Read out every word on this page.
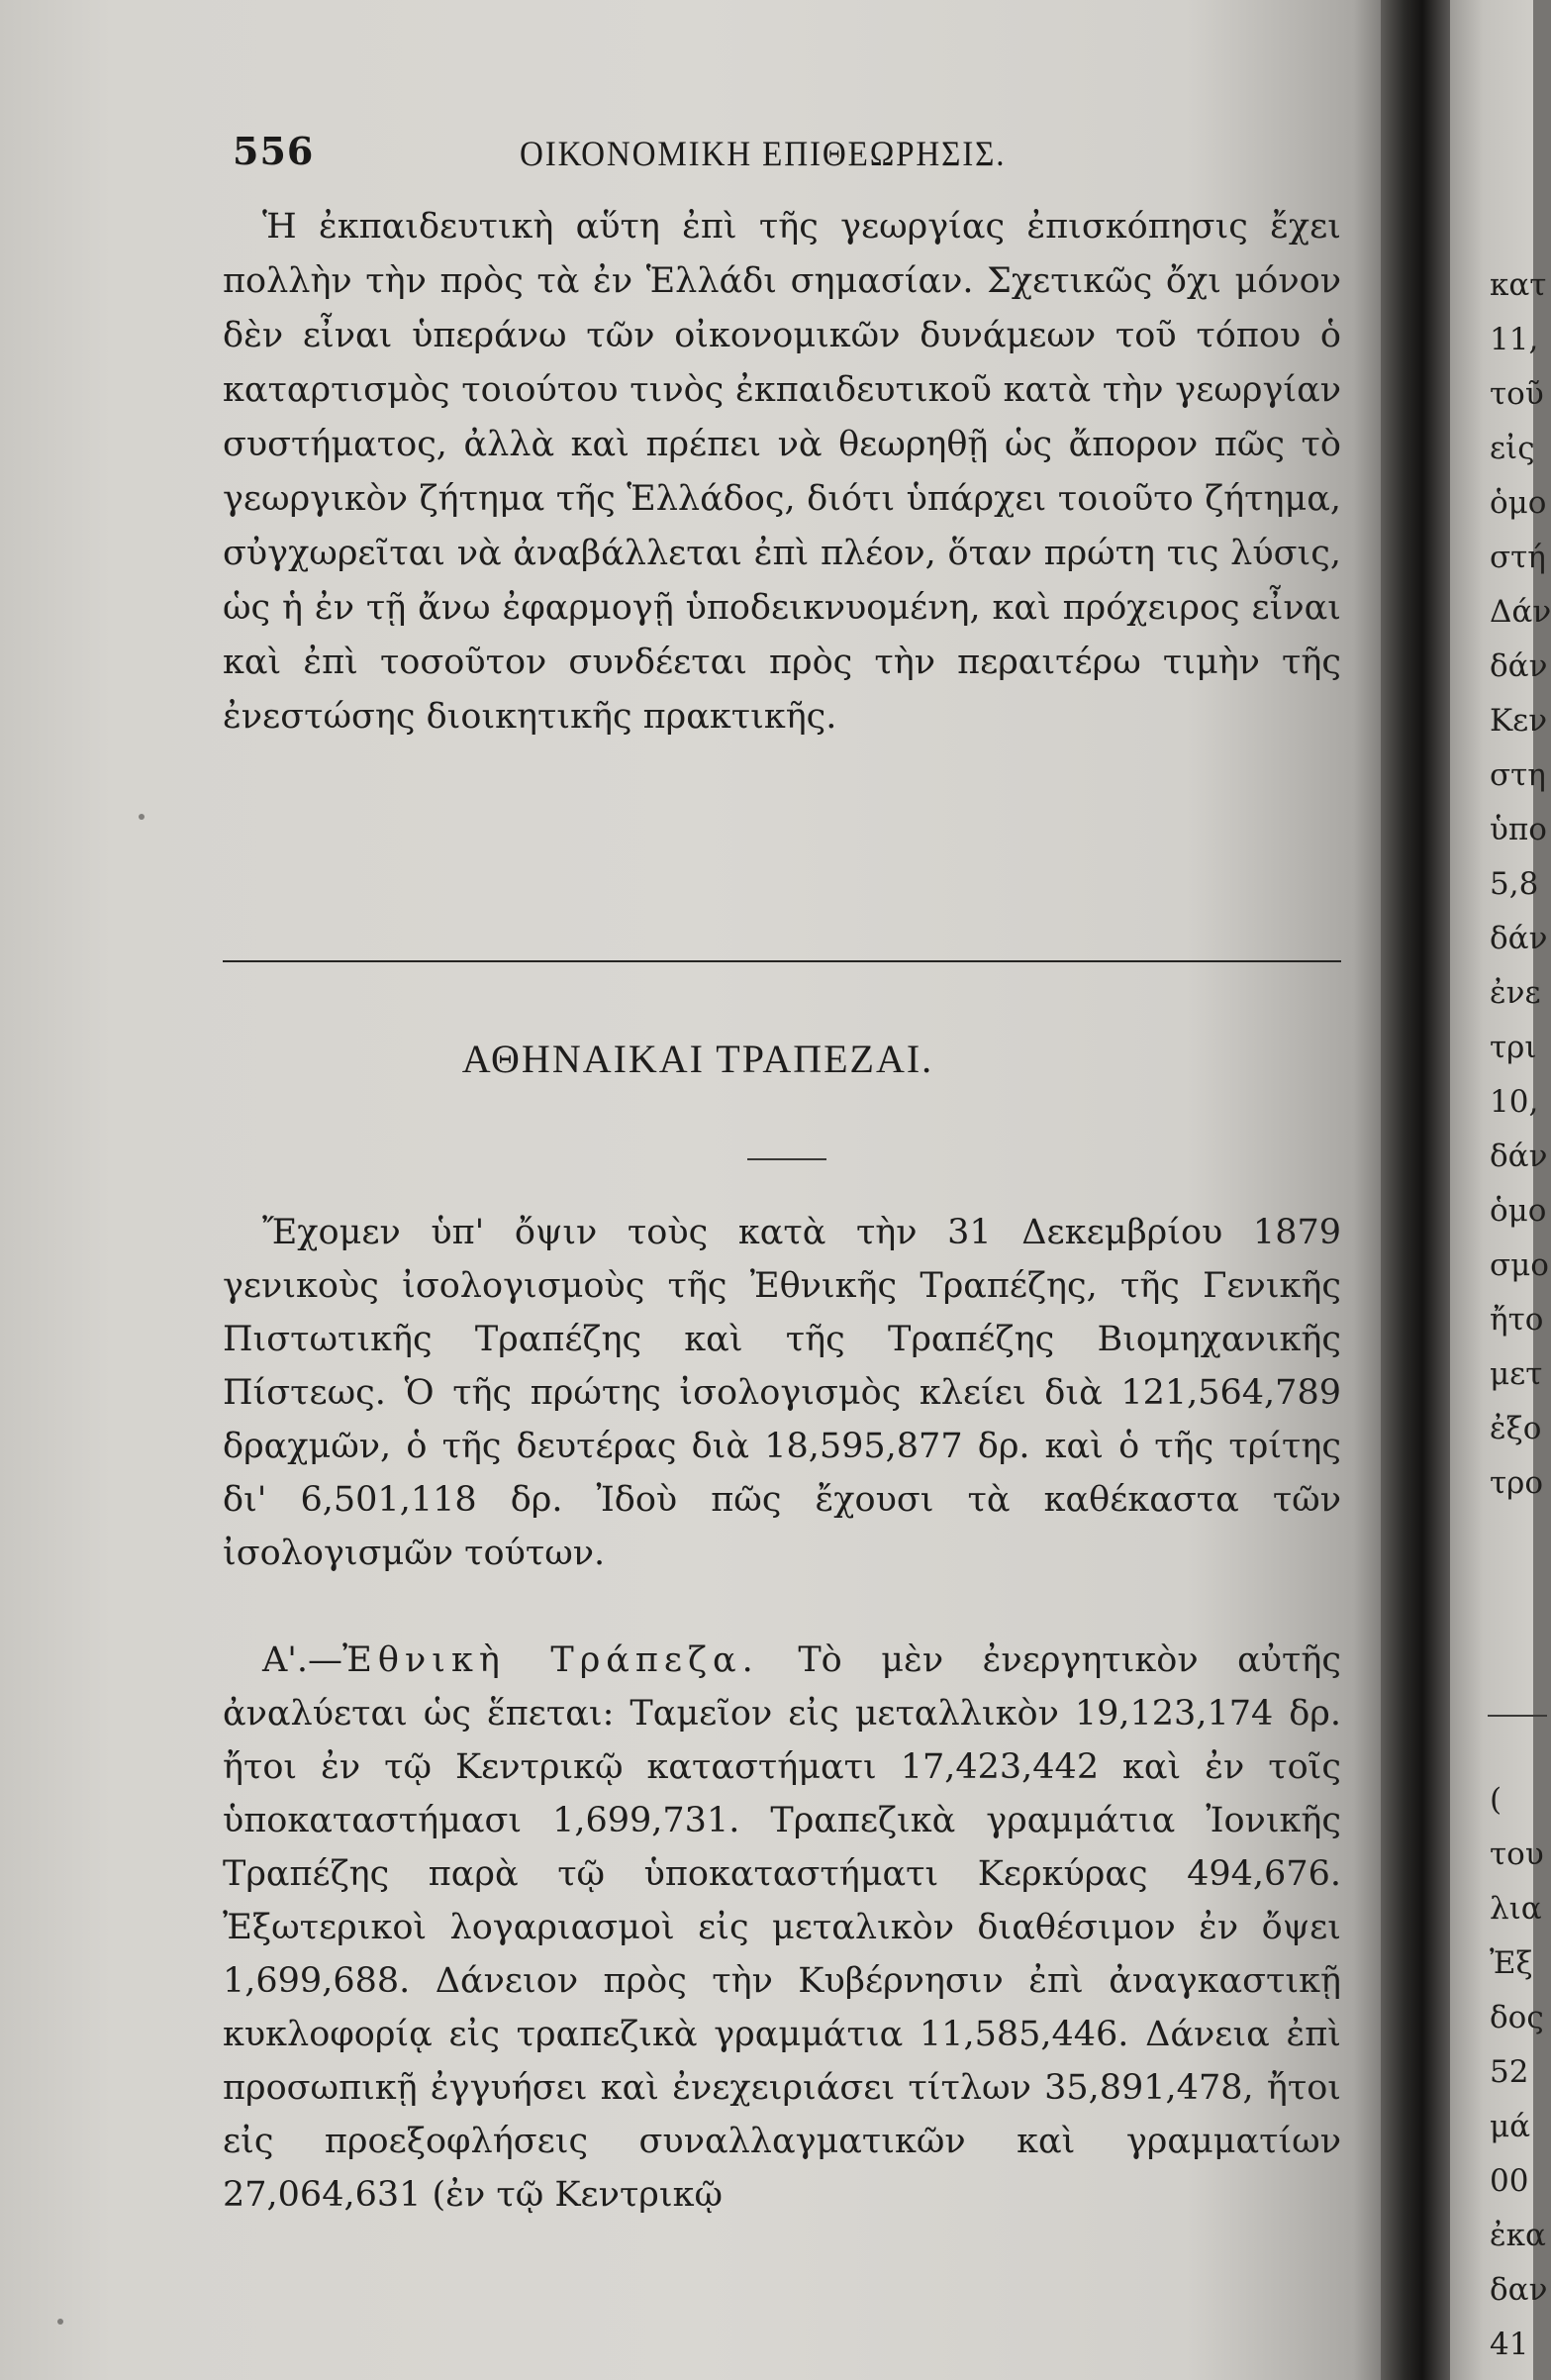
556	ΟΙΚΟΝΟΜΙΚΗ ΕΠΙΘΕΩΡΗΣΙΣ.
Ἡ ἐκπαιδευτικὴ αὕτη ἐπὶ τῆς γεωργίας ἐπισκόπησις ἔχει πολλὴν τὴν πρὸς τὰ ἐν Ἑλλάδι σημασίαν. Σχετικῶς ὄχι μόνον δὲν εἶναι ὑπεράνω τῶν οἰκονομικῶν δυνάμεων τοῦ τόπου ὁ καταρτισμὸς τοιούτου τινὸς ἐκπαιδευτικοῦ κατὰ τὴν γεωργίαν συστήματος, ἀλλὰ καὶ πρέπει νὰ θεωρηθῇ ὡς ἄπορον πῶς τὸ γεωργικὸν ζήτημα τῆς Ἑλλάδος, διότι ὑπάρχει τοιοῦτο ζήτημα, σὐγχωρεῖται νὰ ἀναβάλλεται ἐπὶ πλέον, ὅταν πρώτη τις λύσις, ὡς ἡ ἐν τῇ ἄνω ἐφαρμογῇ ὑποδεικνυομένη, καὶ πρόχειρος εἶναι καὶ ἐπὶ τοσοῦτον συνδέεται πρὸς τὴν περαιτέρω τιμὴν τῆς ἐνεστώσης διοικητικῆς πρακτικῆς.
ΑΘΗΝΑΙΚΑΙ ΤΡΑΠΕΖΑΙ.
Ἔχομεν ὑπ' ὄψιν τοὺς κατὰ τὴν 31 Δεκεμβρίου 1879 γενικοὺς ἰσολογισμοὺς τῆς Ἐθνικῆς Τραπέζης, τῆς Γενικῆς Πιστωτικῆς Τραπέζης καὶ τῆς Τραπέζης Βιομηχανικῆς Πίστεως. Ὁ τῆς πρώτης ἰσολογισμὸς κλείει διὰ 121,564,789 δραχμῶν, ὁ τῆς δευτέρας διὰ 18,595,877 δρ. καὶ ὁ τῆς τρίτης δι' 6,501,118 δρ. Ἰδοὺ πῶς ἔχουσι τὰ καθέκαστα τῶν ἰσολογισμῶν τούτων.
Α'.—Ἐθνικὴ Τράπεζα. Τὸ μὲν ἐνεργητικὸν αὐτῆς ἀναλύεται ὡς ἕπεται: Ταμεῖον εἰς μεταλλικὸν 19,123,174 δρ. ἤτοι ἐν τῷ Κεντρικῷ καταστήματι 17,423,442 καὶ ἐν τοῖς ὑποκαταστήμασι 1,699,731. Τραπεζικὰ γραμμάτια Ἰονικῆς Τραπέζης παρὰ τῷ ὑποκαταστήματι Κερκύρας 494,676. Ἐξωτερικοὶ λογαριασμοὶ εἰς μεταλικὸν διαθέσιμον ἐν ὄψει 1,699,688. Δάνειον πρὸς τὴν Κυβέρνησιν ἐπὶ ἀναγκαστικῇ κυκλοφορίᾳ εἰς τραπεζικὰ γραμμάτια 11,585,446. Δάνεια ἐπὶ προσωπικῇ ἐγγυήσει καὶ ἐνεχειριάσει τίτλων 35,891,478, ἤτοι εἰς προεξοφλήσεις συναλλαγματικῶν καὶ γραμματίων 27,064,631 (ἐν τῷ Κεντρικῷ
κατ
11,
τοῦ
εἰς
ὁμο
στή
Δάν
δάν
Κεν
στη
ὑπο
5,8
δάν
ἐνε
τρι
10,
δάν
ὁμο
σμο
ἤτο
μετ
ἐξο
τρο
(
του
λια
Ἐξ
δος
52
μά
00
ἐκα
δαν
41
